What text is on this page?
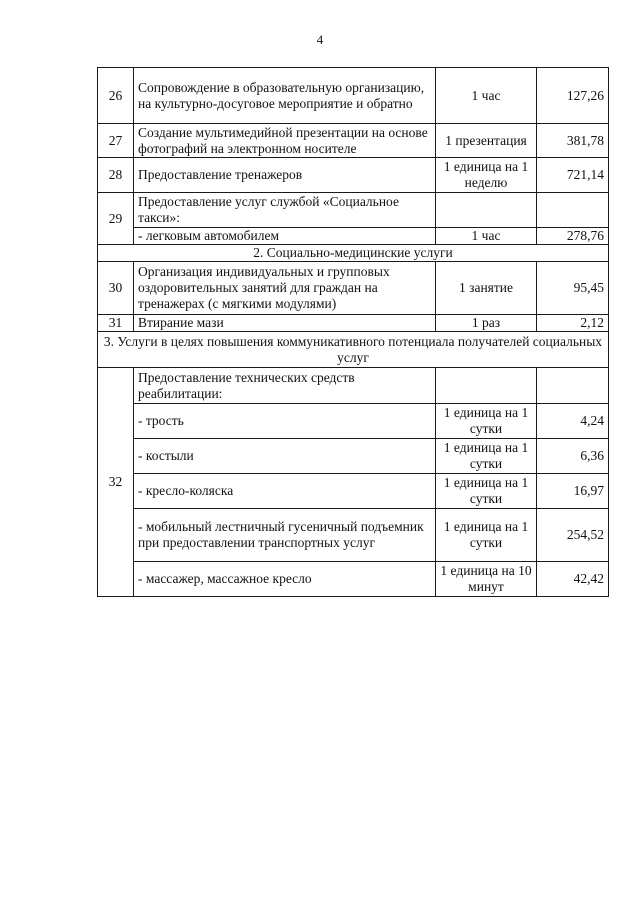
4
26	Сопровождение в образовательную организацию, на культурно-досуговое мероприятие и обратно	1 час	127,26
27	Создание мультимедийной презентации на основе фотографий на электронном носителе	1 презентация	381,78
28	Предоставление тренажеров	1 единица на 1 неделю	721,14
29	Предоставление услуг службой «Социальное такси»:		
	- легковым автомобилем	1 час	278,76
2. Социально-медицинские услуги			
30	Организация индивидуальных и групповых оздоровительных занятий для граждан на тренажерах (с мягкими модулями)	1 занятие	95,45
31	Втирание мази	1 раз	2,12
3. Услуги в целях повышения коммуникативного потенциала получателей социальных услуг			
32	Предоставление технических средств реабилитации:		
	- трость	1 единица на 1 сутки	4,24
	- костыли	1 единица на 1 сутки	6,36
	- кресло-коляска	1 единица на 1 сутки	16,97
	- мобильный лестничный гусеничный подъемник при предоставлении транспортных услуг	1 единица на 1 сутки	254,52
	- массажер, массажное кресло	1 единица на 10 минут	42,42
